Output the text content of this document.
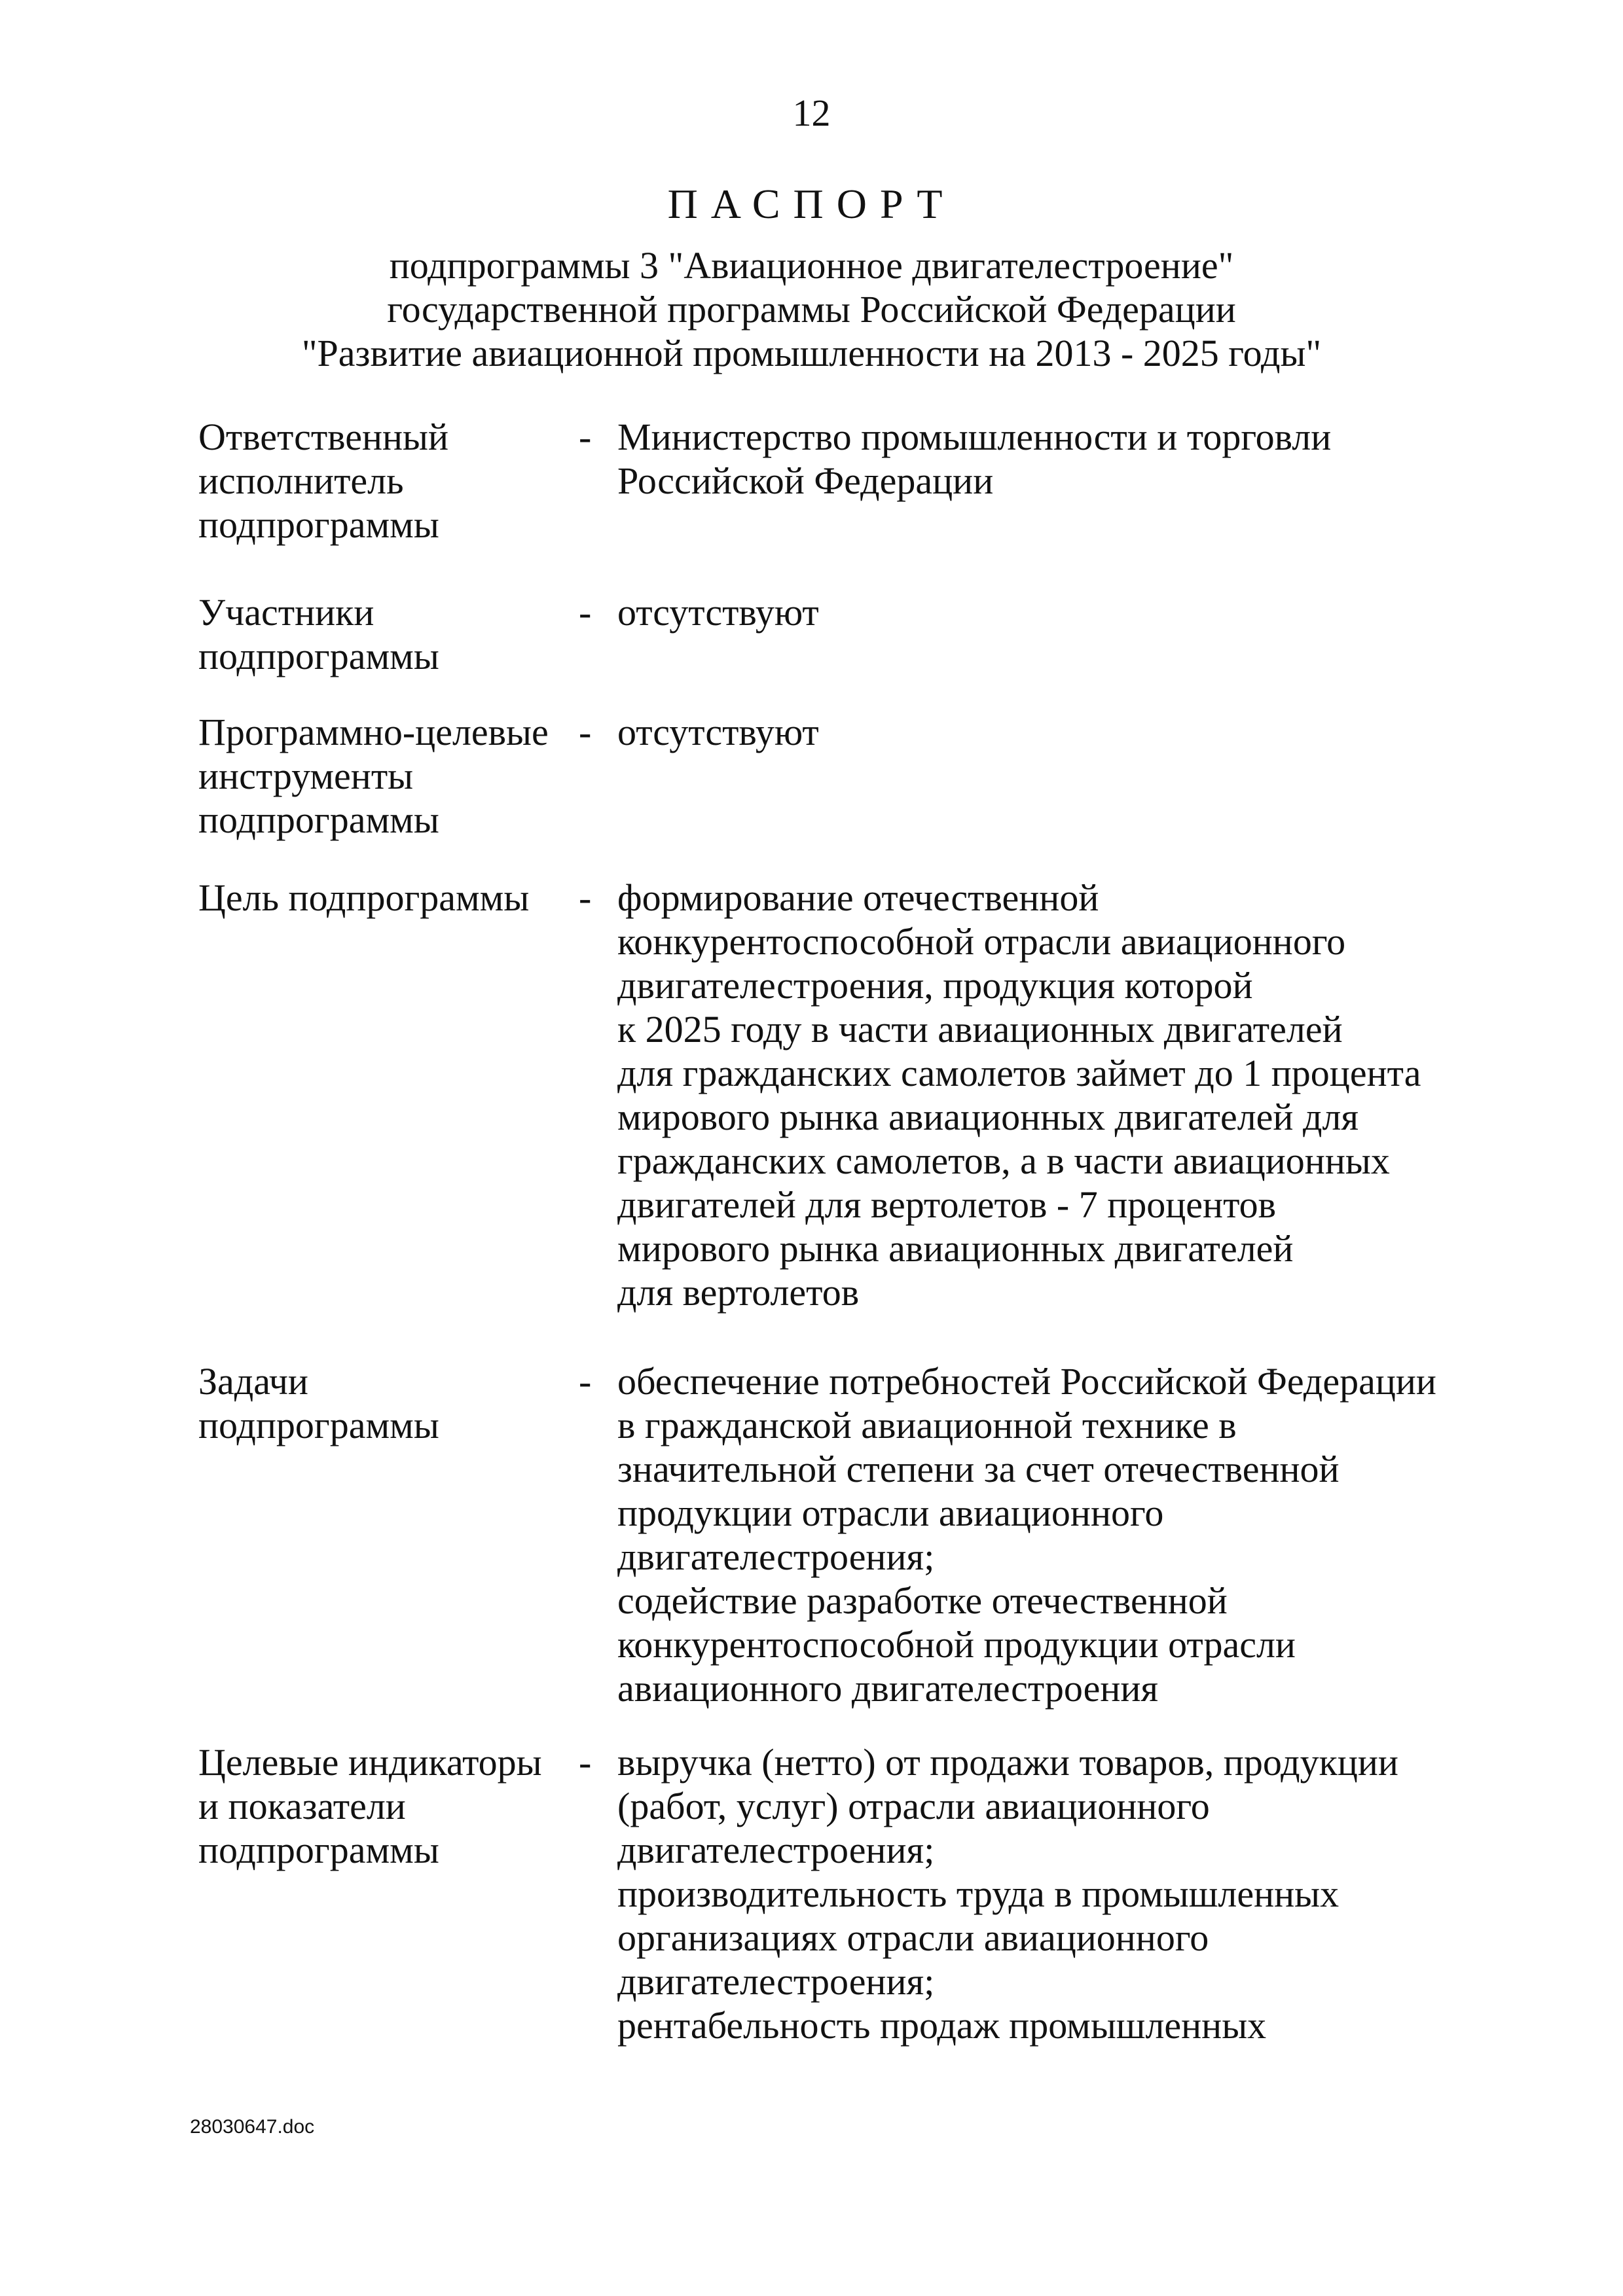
12
ПАСПОРТ
подпрограммы 3 "Авиационное двигателестроение"
государственной программы Российской Федерации
"Развитие авиационной промышленности на 2013 - 2025 годы"
Ответственный
исполнитель
подпрограммы
- Министерство промышленности и торговли
Российской Федерации
Участники
подпрограммы
- отсутствуют
Программно-целевые
инструменты
подпрограммы
- отсутствуют
Цель подпрограммы	- формирование отечественной
конкурентоспособной отрасли авиационного
двигателестроения, продукция которой
к 2025 году в части авиационных двигателей
для гражданских самолетов займет до 1 процента
мирового рынка авиационных двигателей для
гражданских самолетов, а в части авиационных
двигателей для вертолетов - 7 процентов
мирового рынка авиационных двигателей
для вертолетов
Задачи
подпрограммы
- обеспечение потребностей Российской Федерации
в гражданской авиационной технике в
значительной степени за счет отечественной
продукции отрасли авиационного
двигателестроения;
содействие разработке отечественной
конкурентоспособной продукции отрасли
авиационного двигателестроения
Целевые индикаторы
и показатели
подпрограммы
- выручка (нетто) от продажи товаров, продукции
(работ, услуг) отрасли авиационного
двигателестроения;
производительность труда в промышленных
организациях отрасли авиационного
двигателестроения;
рентабельность продаж промышленных
28030647.doc
